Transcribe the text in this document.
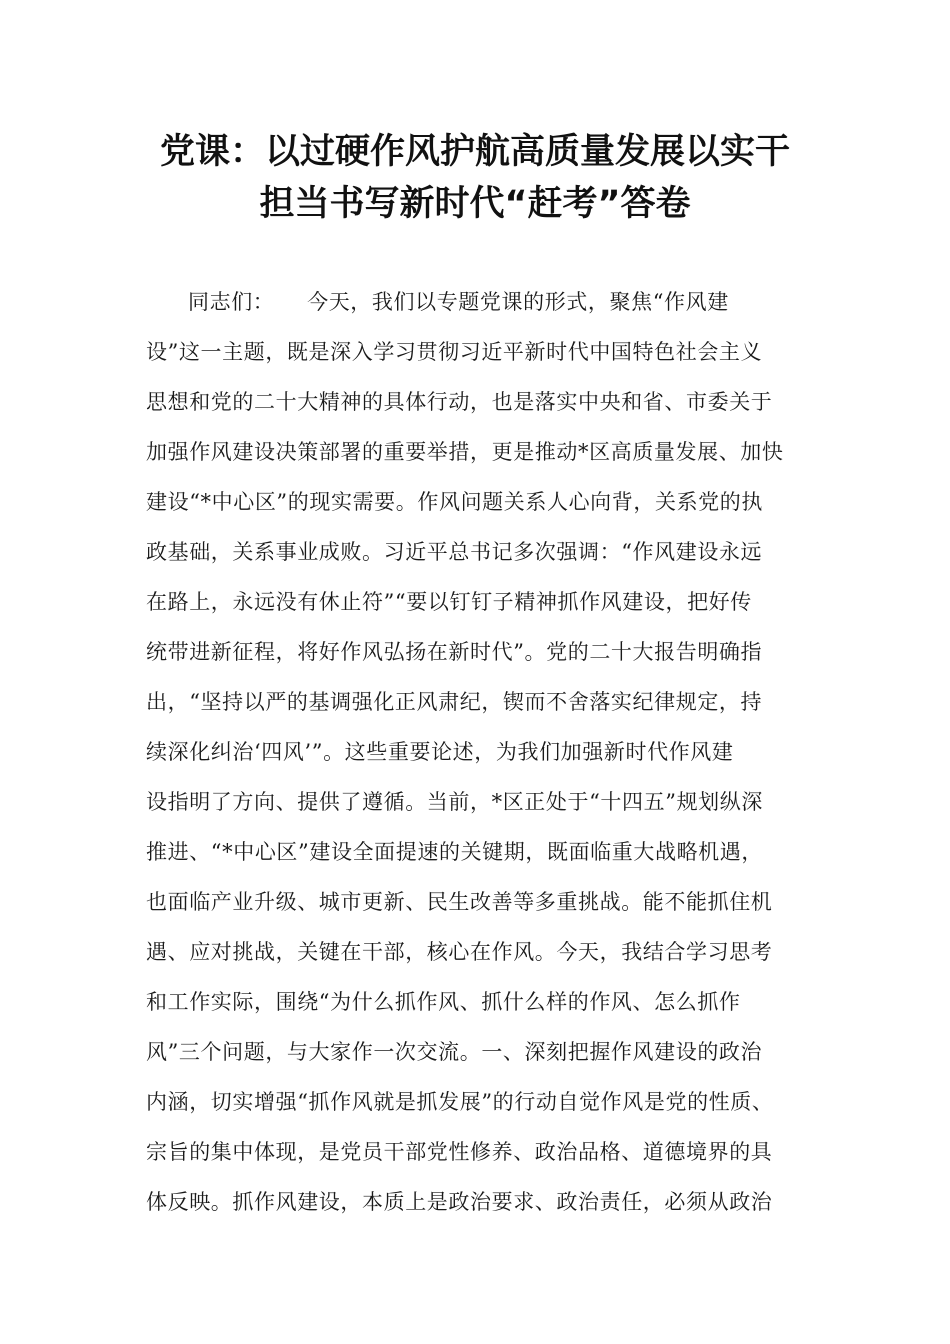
党课：以过硬作风护航高质量发展以实干
担当书写新时代“赶考”答卷
同志们：　　今天，我们以专题党课的形式，聚焦“作风建
设”这一主题，既是深入学习贯彻习近平新时代中国特色社会主义
思想和党的二十大精神的具体行动，也是落实中央和省、市委关于
加强作风建设决策部署的重要举措，更是推动*区高质量发展、加快
建设“*中心区”的现实需要。作风问题关系人心向背，关系党的执
政基础，关系事业成败。习近平总书记多次强调：“作风建设永远
在路上，永远没有休止符”“要以钉钉子精神抓作风建设，把好传
统带进新征程，将好作风弘扬在新时代”。党的二十大报告明确指
出，“坚持以严的基调强化正风肃纪，锲而不舍落实纪律规定，持
续深化纠治‘四风’”。这些重要论述，为我们加强新时代作风建
设指明了方向、提供了遵循。当前，*区正处于“十四五”规划纵深
推进、“*中心区”建设全面提速的关键期，既面临重大战略机遇，
也面临产业升级、城市更新、民生改善等多重挑战。能不能抓住机
遇、应对挑战，关键在干部，核心在作风。今天，我结合学习思考
和工作实际，围绕“为什么抓作风、抓什么样的作风、怎么抓作
风”三个问题，与大家作一次交流。一、深刻把握作风建设的政治
内涵，切实增强“抓作风就是抓发展”的行动自觉作风是党的性质、
宗旨的集中体现，是党员干部党性修养、政治品格、道德境界的具
体反映。抓作风建设，本质上是政治要求、政治责任，必须从政治
